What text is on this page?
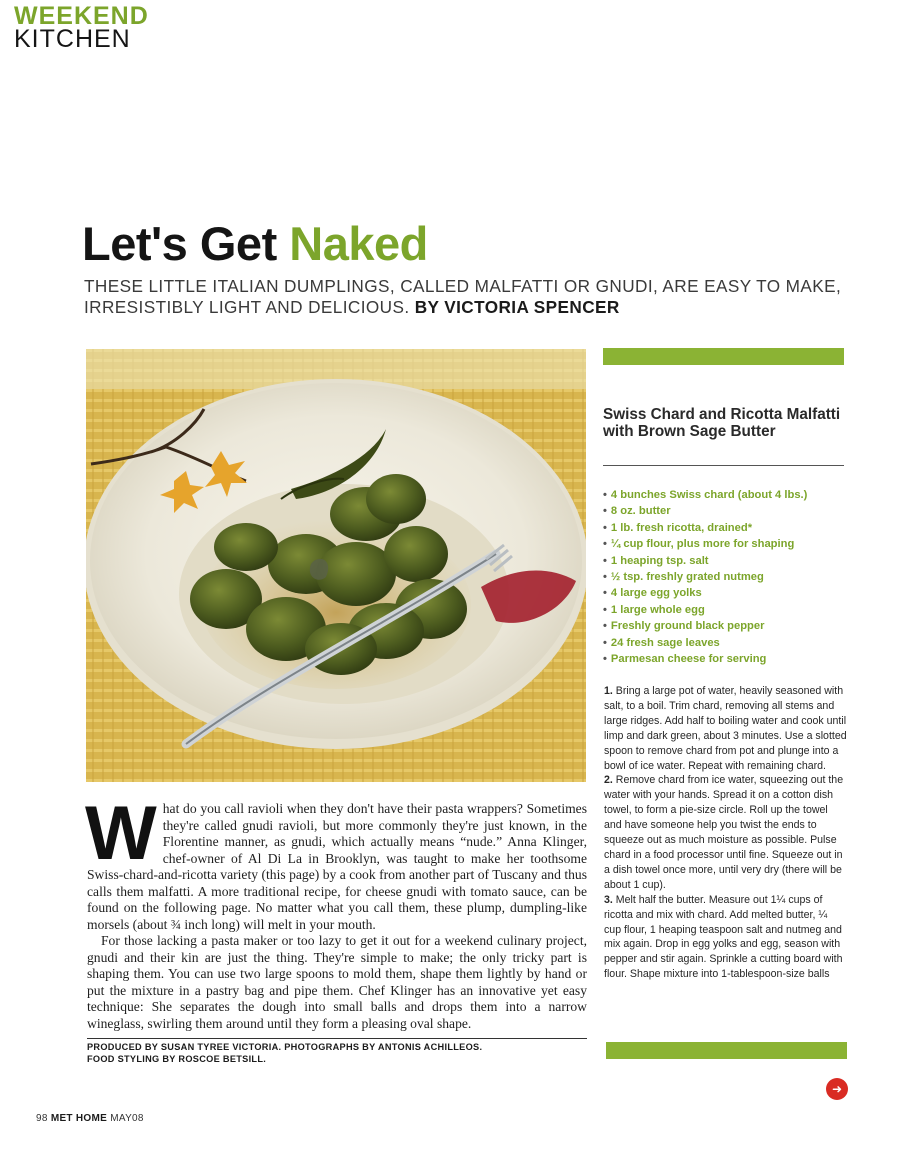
WEEKEND
KITCHEN
Let's Get Naked
THESE LITTLE ITALIAN DUMPLINGS, CALLED MALFATTI OR GNUDI, ARE EASY TO MAKE, IRRESISTIBLY LIGHT AND DELICIOUS. BY VICTORIA SPENCER
W hat do you call ravioli when they don't have their pasta wrappers? Sometimes they're called gnudi ravioli, but more commonly they're just known, in the Florentine manner, as gnudi, which actually means “nude.” Anna Klinger, chef-owner of Al Di La in Brooklyn, was taught to make her toothsome Swiss-chard-and-ricotta variety (this page) by a cook from another part of Tuscany and thus calls them malfatti. A more traditional recipe, for cheese gnudi with tomato sauce, can be found on the following page. No matter what you call them, these plump, dumpling-like morsels (about ¾ inch long) will melt in your mouth.

For those lacking a pasta maker or too lazy to get it out for a weekend culinary project, gnudi and their kin are just the thing. They're simple to make; the only tricky part is shaping them. You can use two large spoons to mold them, shape them lightly by hand or put the mixture in a pastry bag and pipe them. Chef Klinger has an innovative yet easy technique: She separates the dough into small balls and drops them into a narrow wineglass, swirling them around until they form a pleasing oval shape.

PRODUCED BY SUSAN TYREE VICTORIA. PHOTOGRAPHS BY ANTONIS ACHILLEOS.
FOOD STYLING BY ROSCOE BETSILL.
98 MET HOME MAY08
Swiss Chard and Ricotta Malfatti with Brown Sage Butter
• 4 bunches Swiss chard (about 4 lbs.)
• 8 oz. butter
• 1 lb. fresh ricotta, drained*
• ¼ cup flour, plus more for shaping
• 1 heaping tsp. salt
• ½ tsp. freshly grated nutmeg
• 4 large egg yolks
• 1 large whole egg
• Freshly ground black pepper
• 24 fresh sage leaves
• Parmesan cheese for serving

1. Bring a large pot of water, heavily seasoned with salt, to a boil. Trim chard, removing all stems and large ridges. Add half to boiling water and cook until limp and dark green, about 3 minutes. Use a slotted spoon to remove chard from pot and plunge into a bowl of ice water. Repeat with remaining chard.

2. Remove chard from ice water, squeezing out the water with your hands. Spread it on a cotton dish towel, to form a pie-size circle. Roll up the towel and have someone help you twist the ends to squeeze out as much moisture as possible. Pulse chard in a food processor until fine. Squeeze out in a dish towel once more, until very dry (there will be about 1 cup).

3. Melt half the butter. Measure out 1¼ cups of ricotta and mix with chard. Add melted butter, ¼ cup flour, 1 heaping teaspoon salt and nutmeg and mix again. Drop in egg yolks and egg, season with pepper and stir again. Sprinkle a cutting board with flour. Shape mixture into 1-tablespoon-size balls

➜
